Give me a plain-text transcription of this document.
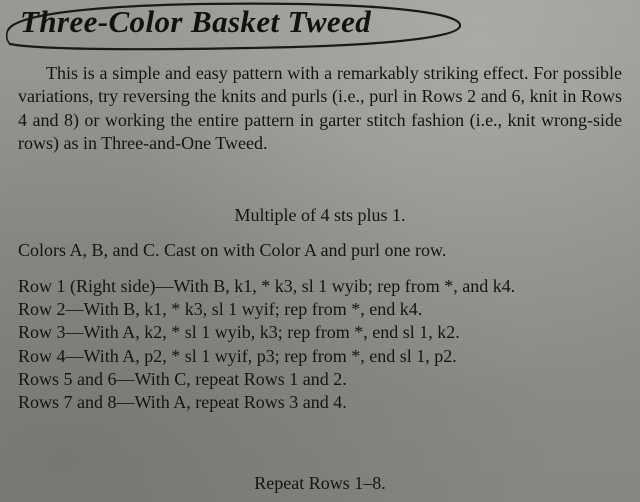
Three-Color Basket Tweed

This is a simple and easy pattern with a remarkably striking effect. For possible variations, try reversing the knits and purls (i.e., purl in Rows 2 and 6, knit in Rows 4 and 8) or working the entire pattern in garter stitch fashion (i.e., knit wrong-side rows) as in Three-and-One Tweed.

Multiple of 4 sts plus 1.

Colors A, B, and C. Cast on with Color A and purl one row.

Row 1 (Right side)—With B, k1, * k3, sl 1 wyib; rep from *, and k4.
Row 2—With B, k1, * k3, sl 1 wyif; rep from *, end k4.
Row 3—With A, k2, * sl 1 wyib, k3; rep from *, end sl 1, k2.
Row 4—With A, p2, * sl 1 wyif, p3; rep from *, end sl 1, p2.
Rows 5 and 6—With C, repeat Rows 1 and 2.
Rows 7 and 8—With A, repeat Rows 3 and 4.

Repeat Rows 1–8.
